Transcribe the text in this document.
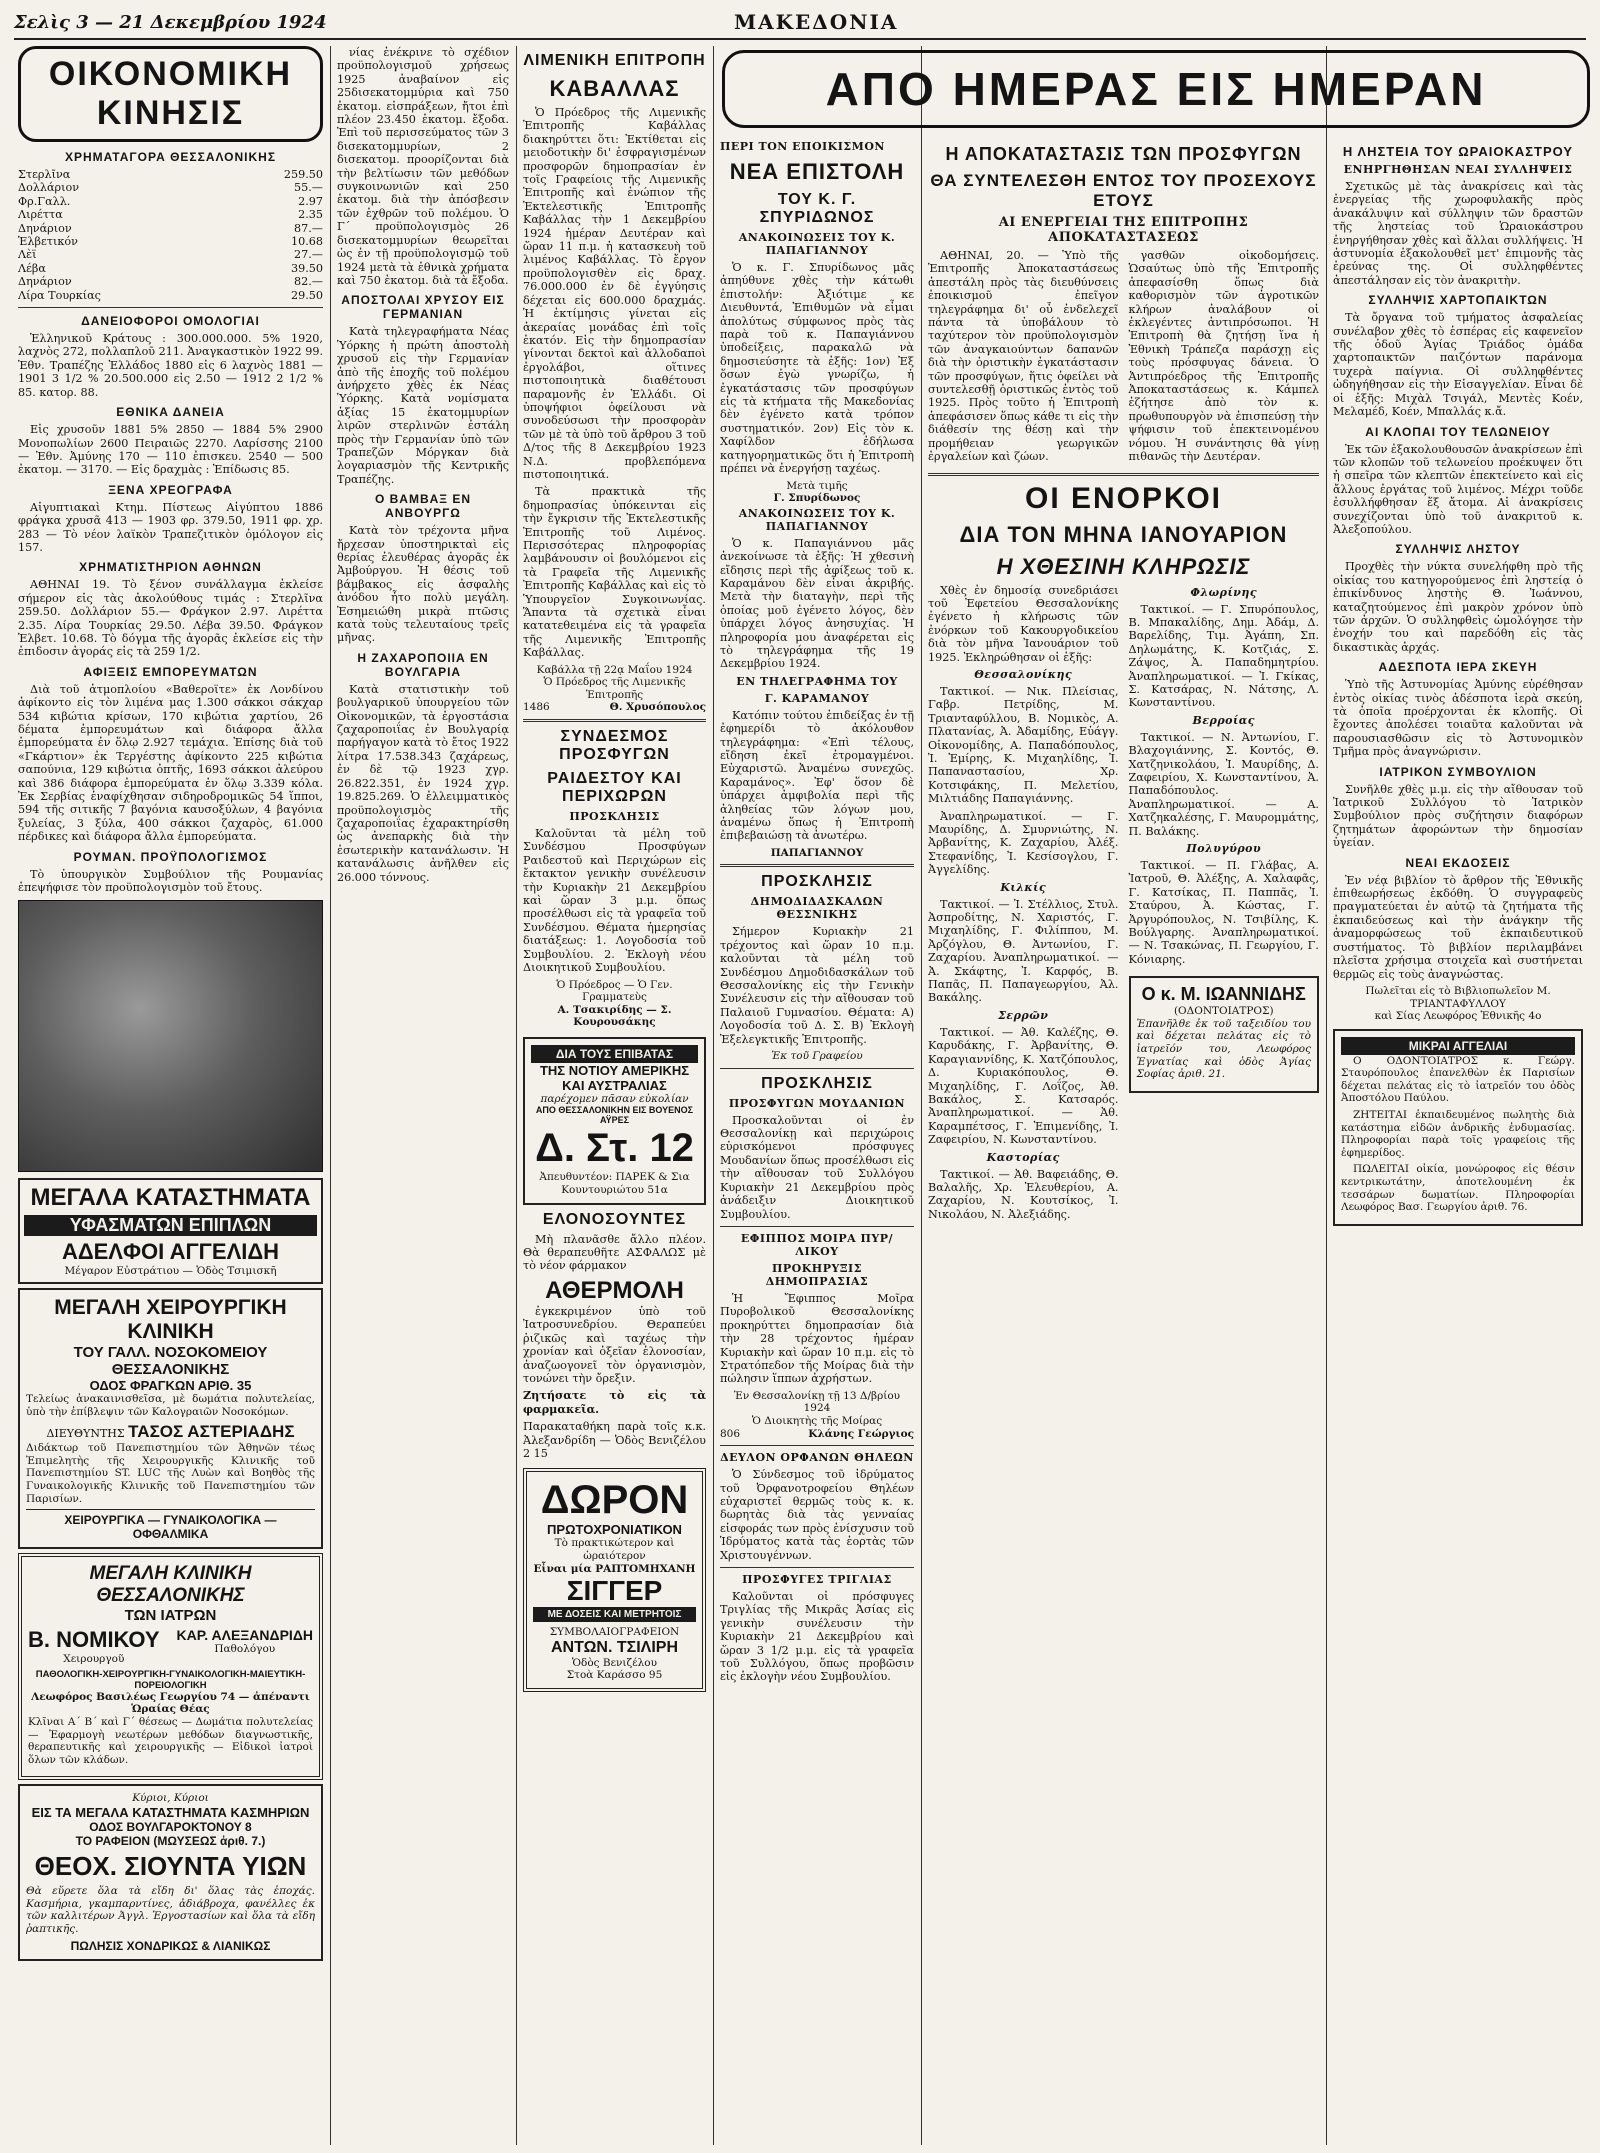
Σελὶς 3 — 21 Δεκεμβρίου 1924	ΜΑΚΕΔΟΝΙΑ
ΟΙΚΟΝΟΜΙΚΗ ΚΙΝΗΣΙΣ
ΧΡΗΜΑΤΑΓΟΡΑ ΘΕΣΣΑΛΟΝΙΚΗΣ
Στερλῖνα	259.50
Δολλάριον	55.—
Φρ.Γαλλ.	2.97
Λιρέττα	2.35
Δηνάριον	87.—
Ἑλβετικόν	10.68
Λὲϊ	27.—
Λέβα	39.50
Δηνάριον	82.—
Λίρα Τουρκίας	29.50
ΔΑΝΕΙΟΦΟΡΟΙ ΟΜΟΛΟΓΙΑΙ

Ἑλληνικοῦ Κράτους : 300.000.000. 5% 1920, λαχνὸς 272, πολλαπλοῦ 211. Ἀναγκαστικὸν 1922 99. Ἐθν. Τραπέζης Ἑλλάδος 1880 εἰς 6 λαχνὸς 1881 — 1901 3 1/2 % 20.500.000 εἰς 2.50 — 1912 2 1/2 % 85. κατορ. 88.

ΕΘΝΙΚΑ ΔΑΝΕΙΑ

Εἰς χρυσοῦν 1881 5% 2850 — 1884 5% 2900 Μονοπωλίων 2600 Πειραιῶς 2270. Λαρίσσης 2100 — Ἐθν. Ἀμύνης 170 — 110 ἐπισκευ. 2540 — 500 ἐκατομ. — 3170. — Εἰς δραχμὰς : Ἐπίδωσις 85.

ΞΕΝΑ ΧΡΕΟΓΡΑΦΑ

Αἰγυπτιακαὶ Κτημ. Πίστεως Αἰγύπτου 1886 φράγκα χρυσᾶ 413 — 1903 φρ. 379.50, 1911 φρ. χρ. 283 — Τὸ νέον λαϊκὸν Τραπεζιτικὸν ὁμόλογον εἰς 157.

ΧΡΗΜΑΤΙΣΤΗΡΙΟΝ ΑΘΗΝΩΝ

ΑΘΗΝΑΙ 19. Τὸ ξένον συνάλλαγμα ἐκλείσε σήμερον εἰς τὰς ἀκολούθους τιμάς : Στερλῖνα 259.50. Δολλάριον 55.— Φράγκον 2.97. Λιρέττα 2.35. Λίρα Τουρκίας 29.50. Λέβα 39.50. Φράγκον Ἑλβετ. 10.68. Τὸ δόγμα τῆς ἀγορᾶς ἐκλείσε εἰς τὴν ἐπιδοσιν ἀγοράς εἰς τὰ 259 1/2.

ΑΦΙΞΕΙΣ ΕΜΠΟΡΕΥΜΑΤΩΝ

Διὰ τοῦ ἀτμοπλοίου «Βαθεροϊτε» ἐκ Λονδίνου ἀφίκοντο εἰς τὸν λιμένα μας 1.300 σάκκοι σάκχαρ 534 κιβώτια κρίσων, 170 κιβώτια χαρτίου, 26 δέματα ἐμπορευμάτων καὶ διάφορα ἄλλα ἐμπορεύματα ἐν ὅλῳ 2.927 τεμάχια. Ἐπίσης διὰ τοῦ «Γκάρτιον» ἐκ Τεργέστης ἀφίκοντο 225 κιβώτια σαπούνια, 129 κιβώτια ὀπτῆς, 1693 σάκκοι ἀλεύρου καὶ 386 διάφορα ἐμπορεύματα ἐν ὅλῳ 3.339 κόλα. Ἐκ Σερβίας ἐναφίχθησαν σιδηροδρομικῶς 54 ἵπποι, 594 τῆς σιτικῆς 7 βαγόνια καυσοξύλων, 4 βαγόνια ξυλείας, 3 ξύλα, 400 σάκκοι ζαχαρὸς, 61.000 πέρδικες καὶ διάφορα ἄλλα ἐμπορεύματα.

ΡΟΥΜΑΝ. ΠΡΟΫΠΟΛΟΓΙΣΜΟΣ

Τὸ ὑπουργικὸν Συμβούλιον τῆς Ρουμανίας ἐπεψήφισε τὸν προϋπολογισμὸν τοῦ ἔτους.

ΜΕΓΑΛΑ ΚΑΤΑΣΤΗΜΑΤΑ
ΥΦΑΣΜΑΤΩΝ ΕΠΙΠΛΩΝ
ΑΔΕΛΦΟΙ ΑΓΓΕΛΙΔΗ
Μέγαρον Εὐστράτιου — Ὁδὸς Τσιμισκῆ
ΜΕΓΑΛΗ ΧΕΙΡΟΥΡΓΙΚΗ ΚΛΙΝΙΚΗ
ΤΟΥ ΓΑΛΛ. ΝΟΣΟΚΟΜΕΙΟΥ ΘΕΣΣΑΛΟΝΙΚΗΣ
ΟΔΟΣ ΦΡΑΓΚΩΝ ΑΡΙΘ. 35

Τελείως ἀνακαινισθεῖσα, μὲ δωμάτια πολυτελείας, ὑπὸ τὴν ἐπίβλεψιν τῶν Καλογραιῶν Νοσοκόμων.

ΔΙΕΥΘΥΝΤΗΣ ΤΑΣΟΣ ΑΣΤΕΡΙΑΔΗΣ

Διδάκτωρ τοῦ Πανεπιστημίου τῶν Ἀθηνῶν τέως Ἐπιμελητὴς τῆς Χειρουργικῆς Κλινικῆς τοῦ Πανεπιστημίου ST. LUC τῆς Λυὼν καὶ Βοηθὸς τῆς Γυναικολογικῆς Κλινικῆς τοῦ Πανεπιστημίου τῶν Παρισίων.

ΧΕΙΡΟΥΡΓΙΚΑ — ΓΥΝΑΙΚΟΛΟΓΙΚΑ — ΟΦΘΑΛΜΙΚΑ
ΜΕΓΑΛΗ ΚΛΙΝΙΚΗ ΘΕΣΣΑΛΟΝΙΚΗΣ
ΤΩΝ ΙΑΤΡΩΝ
Β. ΝΟΜΙΚΟΥ
Χειρουργοῦ
ΚΑΡ. ΑΛΕΞΑΝΔΡΙΔΗ
Παθολόγου
ΠΑΘΟΛΟΓΙΚΗ-ΧΕΙΡΟΥΡΓΙΚΗ-ΓΥΝΑΙΚΟΛΟΓΙΚΗ-ΜΑΙΕΥΤΙΚΗ-ΠΟΡΕΙΟΛΟΓΙΚΗ
Λεωφόρος Βασιλέως Γεωργίου 74 — ἀπέναντι Ὡραίας Θέας

Κλῖναι Α΄ Β΄ καὶ Γ΄ θέσεως — Δωμάτια πολυτελείας — Ἐφαρμογὴ νεωτέρων μεθόδων διαγνωστικῆς, θεραπευτικῆς καὶ χειρουργικῆς — Εἰδικοὶ ἰατροὶ ὅλων τῶν κλάδων.

Κύριοι, Κύριοι
ΕΙΣ ΤΑ ΜΕΓΑΛΑ ΚΑΤΑΣΤΗΜΑΤΑ ΚΑΣΜΗΡΙΩΝ
ΟΔΟΣ ΒΟΥΛΓΑΡΟΚΤΟΝΟΥ 8
ΤΟ ΡΑΦΕΙΟΝ (ΜΩΥΣΕΩΣ ἀριθ. 7.)
ΘΕΟΧ. ΣΙΟΥΝΤΑ ΥΙΩΝ

Θὰ εὕρετε ὅλα τὰ εἴδη δι' ὅλας τὰς ἐποχάς. Κασμήρια, γκαμπαρντίνες, ἀδιάβροχα, φανέλλες ἐκ τῶν καλλιτέρων Ἀγγλ. Ἐργοστασίων καὶ ὅλα τὰ εἴδη ῥαπτικῆς.

ΠΩΛΗΣΙΣ ΧΟΝΔΡΙΚΩΣ & ΛΙΑΝΙΚΩΣ

νίας ἐνέκρινε τὸ σχέδιον προϋπολογισμοῦ χρήσεως 1925 ἀναβαίνον εἰς 25δισεκατομμύρια καὶ 750 ἑκατομ. εἰσπράξεων, ἤτοι ἐπὶ πλέον 23.450 ἑκατομ. ἔξοδα. Ἐπὶ τοῦ περισσεύματος τῶν 3 δισεκατομμυρίων, 2 δισεκατομ. προορίζονται διὰ τὴν βελτίωσιν τῶν μεθόδων συγκοινωνιῶν καὶ 250 ἑκατομ. διὰ τὴν ἀπόσβεσιν τῶν ἐχθρῶν τοῦ πολέμου. Ὁ Γ΄ προϋπολογισμὸς 26 δισεκατομμυρίων θεωρεῖται ὡς ἐν τῇ προϋπολογισμῷ τοῦ 1924 μετὰ τὰ ἐθνικὰ χρήματα καὶ 750 ἑκατομ. διὰ τὰ ἔξοδα.

ΑΠΟΣΤΟΛΑΙ ΧΡΥΣΟΥ ΕΙΣ ΓΕΡΜΑΝΙΑΝ

Κατὰ τηλεγραφήματα Νέας Ὑόρκης ἡ πρώτη ἀποστολὴ χρυσοῦ εἰς τὴν Γερμανίαν ἀπὸ τῆς ἐποχῆς τοῦ πολέμου ἀνήρχετο χθὲς ἐκ Νέας Ὑόρκης. Κατὰ νομίσματα ἀξίας 15 ἑκατομμυρίων λιρῶν στερλινῶν ἐστάλη πρὸς τὴν Γερμανίαν ὑπὸ τῶν Τραπεζῶν Μόργκαν διὰ λογαριασμὸν τῆς Κεντρικῆς Τραπέζης.

Ο ΒΑΜΒΑΞ ΕΝ ΑΝΒΟΥΡΓΩ

Κατὰ τὸν τρέχοντα μῆνα ἤρχεσαν ὑποστηρικταὶ εἰς θερίας ἐλευθέρας ἀγορᾶς ἐκ Ἀμβούργου. Ἡ θέσις τοῦ βάμβακος εἰς ἀσφαλὴς ἀνόδου ἦτο πολὺ μεγάλη. Ἐσημειώθη μικρὰ πτῶσις κατὰ τοὺς τελευταίους τρεῖς μῆνας.

Η ΖΑΧΑΡΟΠΟΙΙΑ ΕΝ ΒΟΥΛΓΑΡΙΑ

Κατὰ στατιστικὴν τοῦ βουλγαρικοῦ ὑπουργείου τῶν Οἰκονομικῶν, τὰ ἐργοστάσια ζαχαροποιΐας ἐν Βουλγαρίᾳ παρήγαγον κατὰ τὸ ἔτος 1922 λίτρα 17.538.343 ζαχάρεως, ἐν δὲ τῷ 1923 χγρ. 26.822.351, ἐν 1924 χγρ. 19.825.269. Ὁ ἑλλειμματικὸς προϋπολογισμὸς τῆς ζαχαροποιΐας ἐχαρακτηρίσθη ὡς ἀνεπαρκὴς διὰ τὴν ἐσωτερικὴν κατανάλωσιν. Ἡ κατανάλωσις ἀνῆλθεν εἰς 26.000 τόννους.

ΛΙΜΕΝΙΚΗ ΕΠΙΤΡΟΠΗ
ΚΑΒΑΛΛΑΣ

Ὁ Πρόεδρος τῆς Λιμενικῆς Ἐπιτροπῆς Καβάλλας διακηρύττει ὅτι: Ἐκτίθεται εἰς μειοδοτικὴν δι' ἐσφραγισμένων προσφορῶν δημοπρασίαν ἐν τοῖς Γραφείοις τῆς Λιμενικῆς Ἐπιτροπῆς καὶ ἐνώπιον τῆς Ἐκτελεστικῆς Ἐπιτροπῆς Καβάλλας τὴν 1 Δεκεμβρίου 1924 ἡμέραν Δευτέραν καὶ ὥραν 11 π.μ. ἡ κατασκευὴ τοῦ λιμένος Καβάλλας. Τὸ ἔργον προϋπολογισθὲν εἰς δραχ. 76.000.000 ἐν δὲ ἐγγύησις δέχεται εἰς 600.000 δραχμάς. Ἡ ἐκτίμησις γίνεται εἰς ἀκεραίας μονάδας ἐπὶ τοῖς ἑκατόν. Εἰς τὴν δημοπρασίαν γίνονται δεκτοὶ καὶ ἀλλοδαποὶ ἐργολάβοι, οἵτινες πιστοποιητικὰ διαθέτουσι παραμονῆς ἐν Ἑλλάδι. Οἱ ὑποψήφιοι ὀφείλουσι νὰ συνοδεύσωσι τὴν προσφορὰν τῶν μὲ τὰ ὑπὸ τοῦ ἄρθρου 3 τοῦ Δ/τος τῆς 8 Δεκεμβρίου 1923 Ν.Δ. προβλεπόμενα πιστοποιητικά.

Τὰ πρακτικὰ τῆς δημοπρασίας ὑπόκεινται εἰς τὴν ἔγκρισιν τῆς Ἐκτελεστικῆς Ἐπιτροπῆς τοῦ Λιμένος. Περισσότερας πληροφορίας λαμβάνουσιν οἱ βουλόμενοι εἰς τὰ Γραφεῖα τῆς Λιμενικῆς Ἐπιτροπῆς Καβάλλας καὶ εἰς τὸ Ὑπουργεῖον Συγκοινωνίας. Ἅπαντα τὰ σχετικὰ εἶναι κατατεθειμένα εἰς τὰ γραφεῖα τῆς Λιμενικῆς Ἐπιτροπῆς Καβάλλας.

Καβάλλα τῇ 22ᾳ Μαΐου 1924
Ὁ Πρόεδρος τῆς Λιμενικῆς Ἐπιτροπῆς
1486	Θ. Χρυσόπουλος
ΣΥΝΔΕΣΜΟΣ ΠΡΟΣΦΥΓΩΝ
ΡΑΙΔΕΣΤΟΥ ΚΑΙ ΠΕΡΙΧΩΡΩΝ
ΠΡΟΣΚΛΗΣΙΣ

Καλοῦνται τὰ μέλη τοῦ Συνδέσμου Προσφύγων Ραιδεστοῦ καὶ Περιχώρων εἰς ἔκτακτον γενικὴν συνέλευσιν τὴν Κυριακὴν 21 Δεκεμβρίου καὶ ὥραν 3 μ.μ. ὅπως προσέλθωσι εἰς τὰ γραφεῖα τοῦ Συνδέσμου. Θέματα ἡμερησίας διατάξεως: 1. Λογοδοσία τοῦ Συμβουλίου. 2. Ἐκλογὴ νέου Διοικητικοῦ Συμβουλίου.

Ὁ Πρόεδρος — Ὁ Γεν. Γραμματεὺς
Α. Τσακιρίδης — Σ. Κουρουσάκης
ΔΙΑ ΤΟΥΣ ΕΠΙΒΑΤΑΣ
ΤΗΣ ΝΟΤΙΟΥ ΑΜΕΡΙΚΗΣ
ΚΑΙ ΑΥΣΤΡΑΛΙΑΣ
παρέχομεν πᾶσαν εὐκολίαν
ΑΠΟ ΘΕΣΣΑΛΟΝΙΚΗΝ ΕΙΣ ΒΟΥΕΝΟΣ ΑΫΡΕΣ
Δ. Στ. 12
Ἀπευθυντέον: ΠΑΡΕΚ & Σια
Κουντουριώτου 51α
ΕΛΟΝΟΣΟΥΝΤΕΣ

Μὴ πλανᾶσθε ἄλλο πλέον. Θὰ θεραπευθῆτε ΑΣΦΑΛΩΣ μὲ τὸ νέον φάρμακον

ΑΘΕΡΜΟΛΗ

ἐγκεκριμένον ὑπὸ τοῦ Ἰατροσυνεδρίου. Θεραπεύει ῥιζικῶς καὶ ταχέως τὴν χρονίαν καὶ ὀξεῖαν ἑλονοσίαν, ἀναζωογονεῖ τὸν ὀργανισμὸν, τονώνει τὴν ὄρεξιν.

Ζητήσατε τὸ εἰς τὰ φαρμακεῖα.

Παρακαταθήκη παρὰ τοῖς κ.κ. Ἀλεξανδρίδη — Ὁδὸς Βενιζέλου 2 15

ΔΩΡΟΝ
ΠΡΩΤΟΧΡΟΝΙΑΤΙΚΟΝ
Τὸ πρακτικώτερον καὶ ὡραιότερον
Εἶναι μία ΡΑΠΤΟΜΗΧΑΝΗ
ΣΙΓΓΕΡ
ΜΕ ΔΟΣΕΙΣ ΚΑΙ ΜΕΤΡΗΤΟΙΣ
ΣΥΜΒΟΛΑΙΟΓΡΑΦΕΙΟΝ
ΑΝΤΩΝ. ΤΣΙΛΙΡΗ
Ὁδὸς Βενιζέλου
Στοὰ Καράσσο 95
ΠΕΡΙ ΤΟΝ ΕΠΟΙΚΙΣΜΟΝ
ΝΕΑ ΕΠΙΣΤΟΛΗ
ΤΟΥ Κ. Γ. ΣΠΥΡΙΔΩΝΟΣ
ΑΝΑΚΟΙΝΩΣΕΙΣ ΤΟΥ Κ. ΠΑΠΑΓΙΑΝΝΟΥ

Ὁ κ. Γ. Σπυρίδωνος μᾶς ἀπηύθυνε χθὲς τὴν κάτωθι ἐπιστολήν: Ἀξιότιμε κε Διευθυντά, Ἐπιθυμῶν νὰ εἶμαι ἀπολύτως σύμφωνος πρὸς τὰς παρὰ τοῦ κ. Παπαγιάννου ὑποδείξεις, παρακαλῶ νὰ δημοσιεύσητε τὰ ἑξῆς: 1ον) Ἐξ ὅσων ἐγὼ γνωρίζω, ἡ ἐγκατάστασις τῶν προσφύγων εἰς τὰ κτήματα τῆς Μακεδονίας δὲν ἐγένετο κατὰ τρόπον συστηματικόν. 2ον) Εἰς τὸν κ. Χαφίλδον ἐδήλωσα κατηγορηματικῶς ὅτι ἡ Ἐπιτροπὴ πρέπει νὰ ἐνεργήσῃ ταχέως.

Μετὰ τιμῆς
Γ. Σπυρίδωνος
ΑΝΑΚΟΙΝΩΣΕΙΣ ΤΟΥ Κ. ΠΑΠΑΓΙΑΝΝΟΥ

Ὁ κ. Παπαγιάννου μᾶς ἀνεκοίνωσε τὰ ἑξῆς: Ἡ χθεσινὴ εἴδησις περὶ τῆς ἀφίξεως τοῦ κ. Καραμάνου δὲν εἶναι ἀκριβής. Μετὰ τὴν διαταγὴν, περὶ τῆς ὁποίας μοῦ ἐγένετο λόγος, δὲν ὑπάρχει λόγος ἀνησυχίας. Ἡ πληροφορία μου ἀναφέρεται εἰς τὸ τηλεγράφημα τῆς 19 Δεκεμβρίου 1924.

ΕΝ ΤΗΛΕΓΡΑΦΗΜΑ ΤΟΥ
Γ. ΚΑΡΑΜΑΝΟΥ

Κατόπιν τούτου ἐπιδείξας ἐν τῇ ἐφημερίδι τὸ ἀκόλουθον τηλεγράφημα: «Ἐπὶ τέλους, εἴδηση ἐκεῖ ἐτρομαγμένοι. Εὐχαριστῶ. Ἀναμένω συνεχῶς. Καραμάνος». Ἐφ' ὅσον δὲ ὑπάρχει ἀμφιβολία περὶ τῆς ἀληθείας τῶν λόγων μου, ἀναμένω ὅπως ἡ Ἐπιτροπὴ ἐπιβεβαιώσῃ τὰ ἀνωτέρω.

ΠΑΠΑΓΙΑΝΝΟΥ
ΠΡΟΣΚΛΗΣΙΣ
ΔΗΜΟΔΙΔΑΣΚΑΛΩΝ ΘΕΣΣΝΙΚΗΣ

Σήμερον Κυριακὴν 21 τρέχοντος καὶ ὥραν 10 π.μ. καλοῦνται τὰ μέλη τοῦ Συνδέσμου Δημοδιδασκάλων τοῦ Θεσσαλονίκης εἰς τὴν Γενικὴν Συνέλευσιν εἰς τὴν αἴθουσαν τοῦ Παλαιοῦ Γυμνασίου. Θέματα: Α) Λογοδοσία τοῦ Δ. Σ. Β) Ἐκλογὴ Ἐξελεγκτικῆς Ἐπιτροπῆς.

Ἐκ τοῦ Γραφείου
ΠΡΟΣΚΛΗΣΙΣ
ΠΡΟΣΦΥΓΩΝ ΜΟΥΔΑΝΙΩΝ

Προσκαλοῦνται οἱ ἐν Θεσσαλονίκῃ καὶ περιχώροις εὑρισκόμενοι πρόσφυγες Μουδανίων ὅπως προσέλθωσι εἰς τὴν αἴθουσαν τοῦ Συλλόγου Κυριακὴν 21 Δεκεμβρίου πρὸς ἀνάδειξιν Διοικητικοῦ Συμβουλίου.

ΕΦΙΠΠΟΣ ΜΟΙΡΑ ΠΥΡ/ΛΙΚΟΥ
ΠΡΟΚΗΡΥΞΙΣ ΔΗΜΟΠΡΑΣΙΑΣ

Ἡ Ἔφιππος Μοῖρα Πυροβολικοῦ Θεσσαλονίκης προκηρύττει δημοπρασίαν διὰ τὴν 28 τρέχοντος ἡμέραν Κυριακὴν καὶ ὥραν 10 π.μ. εἰς τὸ Στρατόπεδον τῆς Μοίρας διὰ τὴν πώλησιν ἵππων ἀχρήστων.

Ἐν Θεσσαλονίκῃ τῇ 13 Δ/βρίου 1924
Ὁ Διοικητὴς τῆς Μοίρας
806	Κλάνης Γεώργιος
ΔΕΥΛΟΝ ΟΡΦΑΝΩΝ ΘΗΛΕΩΝ

Ὁ Σύνδεσμος τοῦ ἱδρύματος τοῦ Ὀρφανοτροφείου Θηλέων εὐχαριστεῖ θερμῶς τοὺς κ. κ. δωρητὰς διὰ τὰς γενναίας εἰσφοράς των πρὸς ἐνίσχυσιν τοῦ Ἱδρύματος κατὰ τὰς ἑορτὰς τῶν Χριστουγέννων.

ΠΡΟΣΦΥΓΕΣ ΤΡΙΓΛΙΑΣ

Καλοῦνται οἱ πρόσφυγες Τριγλίας τῆς Μικρᾶς Ἀσίας εἰς γενικὴν συνέλευσιν τὴν Κυριακὴν 21 Δεκεμβρίου καὶ ὥραν 3 1/2 μ.μ. εἰς τὰ γραφεῖα τοῦ Συλλόγου, ὅπως προβῶσιν εἰς ἐκλογὴν νέου Συμβουλίου.

ΑΠΟ ΗΜΕΡΑΣ ΕΙΣ ΗΜΕΡΑΝ
Η ΑΠΟΚΑΤΑΣΤΑΣΙΣ ΤΩΝ ΠΡΟΣΦΥΓΩΝ
ΘΑ ΣΥΝΤΕΛΕΣΘΗ ΕΝΤΟΣ ΤΟΥ ΠΡΟΣΕΧΟΥΣ ΕΤΟΥΣ
ΑΙ ΕΝΕΡΓΕΙΑΙ ΤΗΣ ΕΠΙΤΡΟΠΗΣ ΑΠΟΚΑΤΑΣΤΑΣΕΩΣ

ΑΘΗΝΑΙ, 20. — Ὑπὸ τῆς Ἐπιτροπῆς Ἀποκαταστάσεως ἀπεστάλη πρὸς τὰς διευθύνσεις ἐποικισμοῦ ἐπεῖγον τηλεγράφημα δι' οὗ ἐνδελεχεῖ πάντα τὰ ὑποβάλουν τὸ ταχύτερον τὸν προϋπολογισμὸν τῶν ἀναγκαιούντων δαπανῶν διὰ τὴν ὁριστικὴν ἐγκατάστασιν τῶν προσφύγων, ἥτις ὀφείλει νὰ συντελεσθῇ ὁριστικῶς ἐντὸς τοῦ 1925. Πρὸς τοῦτο ἡ Ἐπιτροπὴ ἀπεφάσισεν ὅπως κάθε τι εἰς τὴν διάθεσίν της θέσῃ καὶ τὴν προμήθειαν γεωργικῶν ἐργαλείων καὶ ζώων.

γασθῶν οἰκοδομήσεις. Ὡσαύτως ὑπὸ τῆς Ἐπιτροπῆς ἀπεφασίσθη ὅπως διὰ καθορισμὸν τῶν ἀγροτικῶν κλήρων ἀναλάβουν οἱ ἐκλεγέντες ἀντιπρόσωποι. Ἡ Ἐπιτροπὴ θὰ ζητήσῃ ἵνα ἡ Ἐθνικὴ Τράπεζα παράσχῃ εἰς τοὺς πρόσφυγας δάνεια. Ὁ Ἀντιπρόεδρος τῆς Ἐπιτροπῆς Ἀποκαταστάσεως κ. Κάμπελ ἐζήτησε ἀπὸ τὸν κ. πρωθυπουργὸν νὰ ἐπισπεύσῃ τὴν ψήφισιν τοῦ ἐπεκτεινομένου νόμου. Ἡ συνάντησις θὰ γίνῃ πιθανῶς τὴν Δευτέραν.

ΟΙ ΕΝΟΡΚΟΙ
ΔΙΑ ΤΟΝ ΜΗΝΑ ΙΑΝΟΥΑΡΙΟΝ
Η ΧΘΕΣΙΝΗ ΚΛΗΡΩΣΙΣ

Χθὲς ἐν δημοσίᾳ συνεδριάσει τοῦ Ἐφετείου Θεσσαλονίκης ἐγένετο ἡ κλήρωσις τῶν ἐνόρκων τοῦ Κακουργοδικείου διὰ τὸν μῆνα Ἰανουάριον τοῦ 1925. Ἐκληρώθησαν οἱ ἑξῆς:

Θεσσαλονίκης

Τακτικοί. — Νικ. Πλείσιας, Γαβρ. Πετρίδης, Μ. Τριανταφύλλου, Β. Νομικὸς, Α. Πλατανίας, Ἀ. Ἀδαμίδης, Εὐάγγ. Οἰκονομίδης, Α. Παπαδόπουλος, Ἰ. Ἐμίρης, Κ. Μιχαηλίδης, Ἰ. Παπαναστασίου, Χρ. Κοτσιφάκης, Π. Μελετίου, Μιλτιάδης Παπαγιάννης.

Ἀναπληρωματικοί. — Γ. Μαυρίδης, Δ. Σμυρνιώτης, Ν. Ἀρβανίτης, Κ. Ζαχαρίου, Ἀλέξ. Στεφανίδης, Ἰ. Κεσίσογλου, Γ. Ἀγγελίδης.

Κιλκίς

Τακτικοί. — Ἰ. Στέλλιος, Στυλ. Ἀσπροδίτης, Ν. Χαριστός, Γ. Μιχαηλίδης, Γ. Φιλίππου, Μ. Ἀρζόγλου, Θ. Ἀντωνίου, Γ. Ζαχαρίου. Ἀναπληρωματικοί. — Ἀ. Σκάφτης, Ἰ. Καρφός, Β. Παπᾶς, Π. Παπαγεωργίου, Ἀλ. Βακάλης.

Σερρῶν

Τακτικοί. — Ἀθ. Καλέζης, Θ. Καρυδάκης, Γ. Ἀρβανίτης, Θ. Καραγιαννίδης, Κ. Χατζόπουλος, Δ. Κυριακόπουλος, Θ. Μιχαηλίδης, Γ. Λοΐζος, Ἀθ. Βακάλος, Σ. Κατσαρός. Ἀναπληρωματικοί. — Ἀθ. Καραμπέτσος, Γ. Ἐπιμενίδης, Ἰ. Ζαφειρίου, Ν. Κωνσταντίνου.

Καστορίας

Τακτικοί. — Ἀθ. Βαφειάδης, Θ. Βαλαλῆς, Χρ. Ἐλευθερίου, Α. Ζαχαρίου, Ν. Κουτσίκος, Ἰ. Νικολάου, Ν. Ἀλεξιάδης.

Φλωρίνης

Τακτικοί. — Γ. Σπυρόπουλος, Β. Μπακαλίδης, Δημ. Ἀδάμ, Δ. Βαρελίδης, Τιμ. Ἀγάπη, Σπ. Δηλωμάτης, Κ. Κοτζιάς, Σ. Ζάψος, Ἀ. Παπαδημητρίου. Ἀναπληρωματικοί. — Ἰ. Γκίκας, Σ. Κατσάρας, Ν. Νάτσης, Λ. Κωνσταντίνου.

Βερροίας

Τακτικοί. — Ν. Ἀντωνίου, Γ. Βλαχογιάννης, Σ. Κοντός, Θ. Χατζηνικολάου, Ἰ. Μαυρίδης, Δ. Ζαφειρίου, Χ. Κωνσταντίνου, Ἀ. Παπαδόπουλος. Ἀναπληρωματικοί. — Α. Χατζηκαλέσης, Γ. Μαυρομμάτης, Π. Βαλάκης.

Πολυγύρου

Τακτικοί. — Π. Γλάβας, Α. Ἰατροῦ, Θ. Ἀλέξης, Α. Χαλαφᾶς, Γ. Κατσίκας, Π. Παππᾶς, Ἰ. Σταύρου, Ἀ. Κώστας, Γ. Ἀργυρόπουλος, Ν. Τσιβίλης, Κ. Βούλγαρης. Ἀναπληρωματικοί. — Ν. Τσακώνας, Π. Γεωργίου, Γ. Κόνιαρης.

Ο κ. Μ. ΙΩΑΝΝΙΔΗΣ
(ΟΔΟΝΤΟΙΑΤΡΟΣ)

Ἐπανῆλθε ἐκ τοῦ ταξειδίου του καὶ δέχεται πελάτας εἰς τὸ ἰατρεῖόν του, Λεωφόρος Ἐγνατίας καὶ ὁδὸς Ἀγίας Σοφίας ἀριθ. 21.

Η ΛΗΣΤΕΙΑ ΤΟΥ ΩΡΑΙΟΚΑΣΤΡΟΥ
ΕΝΗΡΓΗΘΗΣΑΝ ΝΕΑΙ ΣΥΛΛΗΨΕΙΣ

Σχετικῶς μὲ τὰς ἀνακρίσεις καὶ τὰς ἐνεργείας τῆς χωροφυλακῆς πρὸς ἀνακάλυψιν καὶ σύλληψιν τῶν δραστῶν τῆς ληστείας τοῦ Ὡραιοκάστρου ἐνηργήθησαν χθὲς καὶ ἄλλαι συλλήψεις. Ἡ ἀστυνομία ἐξακολουθεῖ μετ' ἐπιμονῆς τὰς ἐρεύνας της. Οἱ συλληφθέντες ἀπεστάλησαν εἰς τὸν ἀνακριτὴν.

ΣΥΛΛΗΨΙΣ ΧΑΡΤΟΠΑΙΚΤΩΝ

Τὰ ὄργανα τοῦ τμήματος ἀσφαλείας συνέλαβον χθὲς τὸ ἑσπέρας εἰς καφενεῖον τῆς ὁδοῦ Ἁγίας Τριάδος ὁμάδα χαρτοπαικτῶν παιζόντων παράνομα τυχερὰ παίγνια. Οἱ συλληφθέντες ὡδηγήθησαν εἰς τὴν Εἰσαγγελίαν. Εἶναι δὲ οἱ ἑξῆς: Μιχὰλ Τσιγάλ, Μεντὲς Κοέν, Μελαμέδ, Κοέν, Μπαλλάς κ.ἄ.

ΑΙ ΚΛΟΠΑΙ ΤΟΥ ΤΕΛΩΝΕΙΟΥ

Ἐκ τῶν ἐξακολουθουσῶν ἀνακρίσεων ἐπὶ τῶν κλοπῶν τοῦ τελωνείου προέκυψεν ὅτι ἡ σπεῖρα τῶν κλεπτῶν ἐπεκτείνετο καὶ εἰς ἄλλους ἐργάτας τοῦ λιμένος. Μέχρι τοῦδε ἐσυλλήφθησαν ἕξ ἄτομα. Αἱ ἀνακρίσεις συνεχίζονται ὑπὸ τοῦ ἀνακριτοῦ κ. Ἀλεξοπούλου.

ΣΥΛΛΗΨΙΣ ΛΗΣΤΟΥ

Προχθὲς τὴν νύκτα συνελήφθη πρὸ τῆς οἰκίας του κατηγορούμενος ἐπὶ ληστείᾳ ὁ ἐπικίνδυνος ληστὴς Θ. Ἰωάννου, καταζητούμενος ἐπὶ μακρὸν χρόνον ὑπὸ τῶν ἀρχῶν. Ὁ συλληφθεὶς ὡμολόγησε τὴν ἐνοχήν του καὶ παρεδόθη εἰς τὰς δικαστικὰς ἀρχάς.

ΑΔΕΣΠΟΤΑ ΙΕΡΑ ΣΚΕΥΗ

Ὑπὸ τῆς Ἀστυνομίας Ἀμύνης εὑρέθησαν ἐντὸς οἰκίας τινὸς ἀδέσποτα ἱερὰ σκεύη, τὰ ὁποῖα προέρχονται ἐκ κλοπῆς. Οἱ ἔχοντες ἀπολέσει τοιαῦτα καλοῦνται νὰ παρουσιασθῶσιν εἰς τὸ Ἀστυνομικὸν Τμῆμα πρὸς ἀναγνώρισιν.

ΙΑΤΡΙΚΟΝ ΣΥΜΒΟΥΛΙΟΝ

Συνῆλθε χθὲς μ.μ. εἰς τὴν αἴθουσαν τοῦ Ἰατρικοῦ Συλλόγου τὸ Ἰατρικὸν Συμβούλιον πρὸς συζήτησιν διαφόρων ζητημάτων ἀφορώντων τὴν δημοσίαν ὑγείαν.

ΝΕΑΙ ΕΚΔΟΣΕΙΣ

Ἐν νέᾳ βιβλίον τὸ ἄρθρον τῆς Ἐθνικῆς ἐπιθεωρήσεως ἐκδόθη. Ὁ συγγραφεὺς πραγματεύεται ἐν αὐτῷ τὰ ζητήματα τῆς ἐκπαιδεύσεως καὶ τὴν ἀνάγκην τῆς ἀναμορφώσεως τοῦ ἐκπαιδευτικοῦ συστήματος. Τὸ βιβλίον περιλαμβάνει πλεῖστα χρήσιμα στοιχεῖα καὶ συστήνεται θερμῶς εἰς τοὺς ἀναγνώστας.

Πωλεῖται εἰς τὸ Βιβλιοπωλεῖον Μ. ΤΡΙΑΝΤΑΦΥΛΛΟΥ
καὶ Σίας Λεωφόρος Ἐθνικῆς 4ο
ΜΙΚΡΑΙ ΑΓΓΕΛΙΑΙ

Ο ΟΔΟΝΤΟΙΑΤΡΟΣ κ. Γεώργ. Σταυρόπουλος ἐπανελθὼν ἐκ Παρισίων δέχεται πελάτας εἰς τὸ ἰατρεῖόν του ὁδὸς Ἀποστόλου Παύλου.

ΖΗΤΕΙΤΑΙ ἐκπαιδευμένος πωλητὴς διὰ κατάστημα εἰδῶν ἀνδρικῆς ἐνδυμασίας. Πληροφορίαι παρὰ τοῖς γραφείοις τῆς ἐφημερίδος.

ΠΩΛΕΙΤΑΙ οἰκία, μονώροφος εἰς θέσιν κεντρικωτάτην, ἀποτελουμένη ἐκ τεσσάρων δωματίων. Πληροφορίαι Λεωφόρος Βασ. Γεωργίου ἀριθ. 76.
